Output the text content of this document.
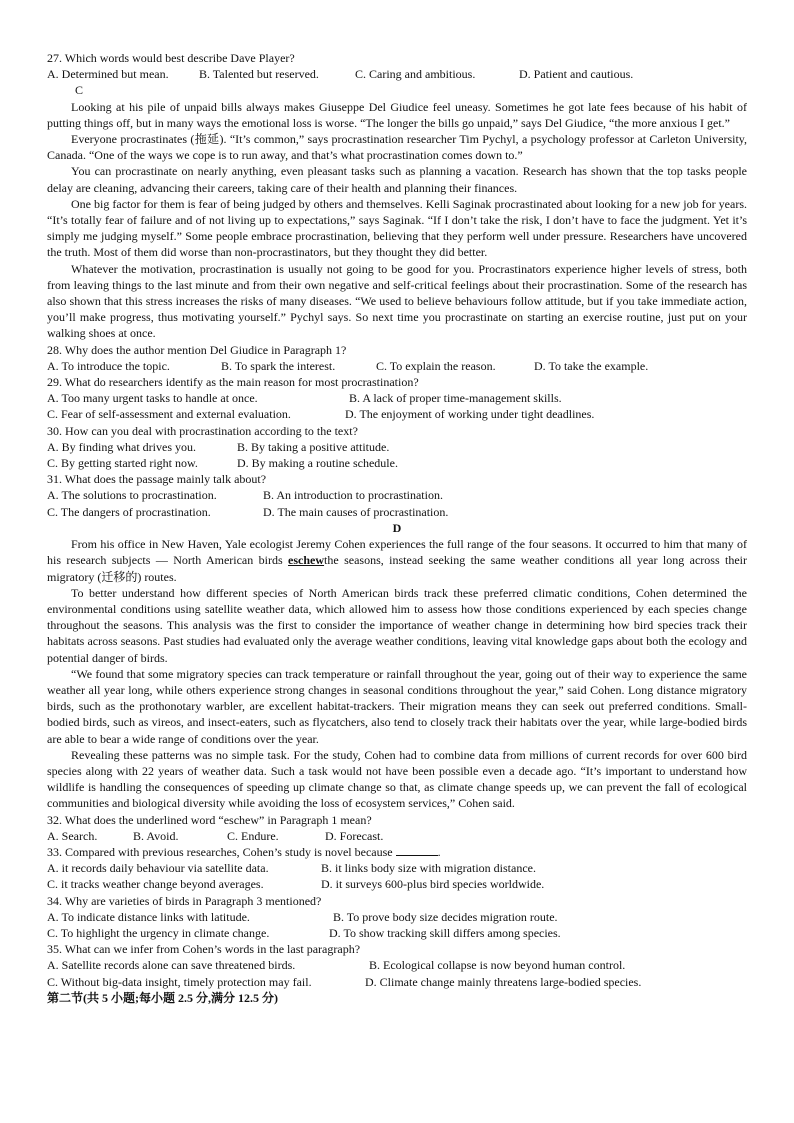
27. Which words would best describe Dave Player?
A. Determined but mean.	B. Talented but reserved.	C. Caring and ambitious.	D. Patient and cautious.
C

Looking at his pile of unpaid bills always makes Giuseppe Del Giudice feel uneasy. Sometimes he got late fees because of his habit of putting things off, but in many ways the emotional loss is worse. “The longer the bills go unpaid,” says Del Giudice, “the more anxious I get.”

Everyone procrastinates (拖延). “It’s common,” says procrastination researcher Tim Pychyl, a psychology professor at Carleton University, Canada. “One of the ways we cope is to run away, and that’s what procrastination comes down to.”

You can procrastinate on nearly anything, even pleasant tasks such as planning a vacation. Research has shown that the top tasks people delay are cleaning, advancing their careers, taking care of their health and planning their finances.

One big factor for them is fear of being judged by others and themselves. Kelli Saginak procrastinated about looking for a new job for years. “It’s totally fear of failure and of not living up to expectations,” says Saginak. “If I don’t take the risk, I don’t have to face the judgment. Yet it’s simply me judging myself.” Some people embrace procrastination, believing that they perform well under pressure. Researchers have uncovered the truth. Most of them did worse than non-procrastinators, but they thought they did better.

Whatever the motivation, procrastination is usually not going to be good for you. Procrastinators experience higher levels of stress, both from leaving things to the last minute and from their own negative and self-critical feelings about their procrastination. Some of the research has also shown that this stress increases the risks of many diseases. “We used to believe behaviours follow attitude, but if you take immediate action, you’ll make progress, thus motivating yourself.” Pychyl says. So next time you procrastinate on starting an exercise routine, just put on your walking shoes at once.

28. Why does the author mention Del Giudice in Paragraph 1?
A. To introduce the topic.	B. To spark the interest.	C. To explain the reason.	D. To take the example.
29. What do researchers identify as the main reason for most procrastination?
A. Too many urgent tasks to handle at once.	B. A lack of proper time-management skills.
C. Fear of self-assessment and external evaluation.	D. The enjoyment of working under tight deadlines.
30. How can you deal with procrastination according to the text?
A. By finding what drives you.	B. By taking a positive attitude.
C. By getting started right now.	D. By making a routine schedule.
31. What does the passage mainly talk about?
A. The solutions to procrastination.	B. An introduction to procrastination.
C. The dangers of procrastination.	D. The main causes of procrastination.
D

From his office in New Haven, Yale ecologist Jeremy Cohen experiences the full range of the four seasons. It occurred to him that many of his research subjects — North American birds eschewthe seasons, instead seeking the same weather conditions all year long across their migratory (迁移的) routes.

To better understand how different species of North American birds track these preferred climatic conditions, Cohen determined the environmental conditions using satellite weather data, which allowed him to assess how those conditions experienced by each species change throughout the seasons. This analysis was the first to consider the importance of weather change in determining how bird species track their habitats across seasons. Past studies had evaluated only the average weather conditions, leaving vital knowledge gaps about both the ecology and potential danger of birds.

“We found that some migratory species can track temperature or rainfall throughout the year, going out of their way to experience the same weather all year long, while others experience strong changes in seasonal conditions throughout the year,” said Cohen. Long distance migratory birds, such as the prothonotary warbler, are excellent habitat-trackers. Their migration means they can seek out preferred conditions. Small-bodied birds, such as vireos, and insect-eaters, such as flycatchers, also tend to closely track their habitats over the year, while large-bodied birds are able to bear a wide range of conditions over the year.

Revealing these patterns was no simple task. For the study, Cohen had to combine data from millions of current records for over 600 bird species along with 22 years of weather data. Such a task would not have been possible even a decade ago. “It’s important to understand how wildlife is handling the consequences of speeding up climate change so that, as climate change speeds up, we can prevent the fall of ecological communities and biological diversity while avoiding the loss of ecosystem services,” Cohen said.

32. What does the underlined word “eschew” in Paragraph 1 mean?
A. Search.	B. Avoid.	C. Endure.	D. Forecast.
33. Compared with previous researches, Cohen’s study is novel because	.
A. it records daily behaviour via satellite data.	B. it links body size with migration distance.
C. it tracks weather change beyond averages.	D. it surveys 600-plus bird species worldwide.
34. Why are varieties of birds in Paragraph 3 mentioned?
A. To indicate distance links with latitude.	B. To prove body size decides migration route.
C. To highlight the urgency in climate change.	D. To show tracking skill differs among species.
35. What can we infer from Cohen’s words in the last paragraph?
A. Satellite records alone can save threatened birds.	B. Ecological collapse is now beyond human control.
C. Without big-data insight, timely protection may fail.	D. Climate change mainly threatens large-bodied species.
第二节(共 5 小题;每小题 2.5 分,满分 12.5 分)
